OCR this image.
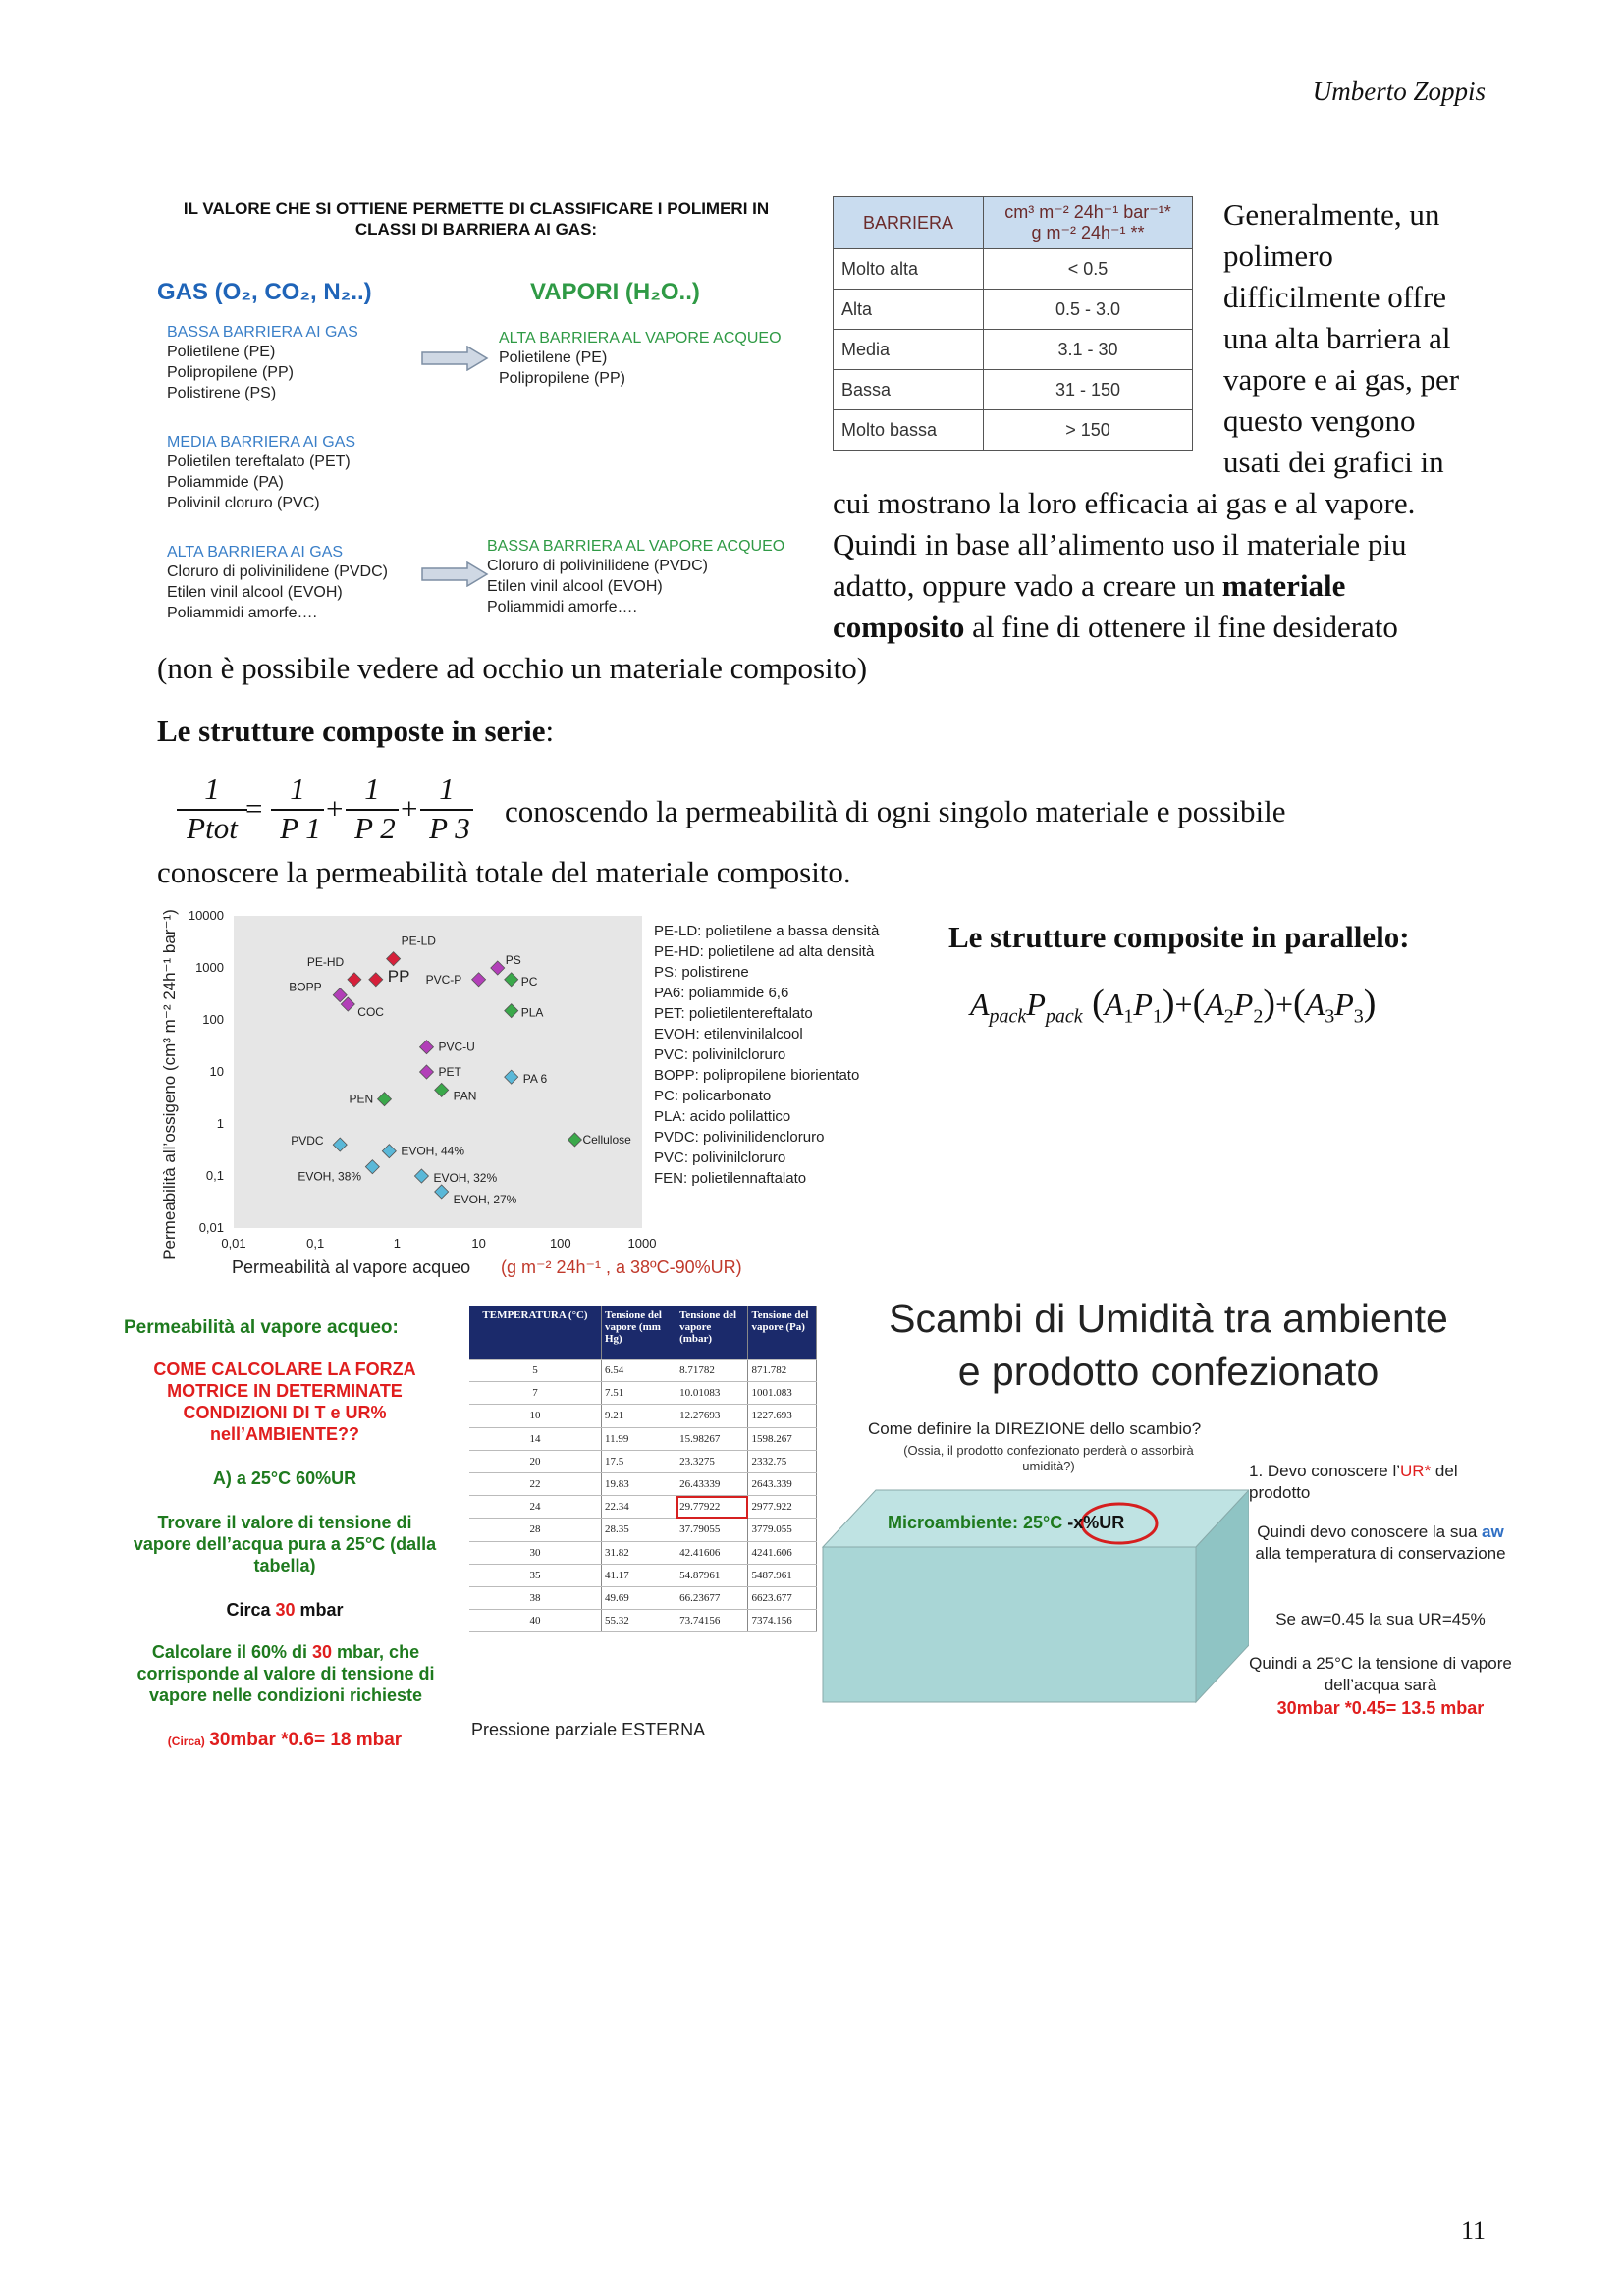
Umberto Zoppis
IL VALORE CHE SI OTTIENE PERMETTE DI CLASSIFICARE I POLIMERI IN CLASSI DI BARRIERA AI GAS:
GAS (O₂, CO₂, N₂..)	VAPORI (H₂O..)
BASSA BARRIERA AI GAS
Polietilene (PE)
Polipropilene (PP)
Polistirene (PS)
MEDIA BARRIERA AI GAS
Polietilen tereftalato (PET)
Poliammide (PA)
Polivinil cloruro (PVC)
ALTA BARRIERA AI GAS
Cloruro di polivinilidene (PVDC)
Etilen vinil alcool (EVOH)
Poliammidi amorfe….
ALTA BARRIERA AL VAPORE ACQUEO
Polietilene (PE)
Polipropilene (PP)
BASSA BARRIERA AL VAPORE ACQUEO
Cloruro di polivinilidene (PVDC)
Etilen vinil alcool (EVOH)
Poliammidi amorfe….
BARRIERA	cm³ m⁻² 24h⁻¹ bar⁻¹*
g m⁻² 24h⁻¹ **

Molto alta	< 0.5
Alta	0.5 - 3.0
Media	3.1 - 30
Bassa	31 - 150
Molto bassa	> 150
Generalmente, un
polimero
difficilmente offre
una alta barriera al
vapore e ai gas, per
questo vengono
usati dei grafici in
cui mostrano la loro efficacia ai gas e al vapore.
Quindi in base all’alimento uso il materiale piu
adatto, oppure vado a creare un materiale
composito al fine di ottenere il fine desiderato
(non è possibile vedere ad occhio un materiale composito)
Le strutture composte in serie:
1
Ptot
=
1
P 1
+
1
P 2
+
1
P 3 conoscendo la permeabilità di ogni singolo materiale e possibile
conoscere la permeabilità totale del materiale composito.
Le strutture composite in parallelo:
$A_{pack}P_{pack}$ $(A_1P_1)+(A_2P_2)+(A_3P_3)$
0,01	0,1	1	10	100	1000
10000
1000
100
10
1
0,1
0,01
PE-LD
PE-HD
PP
BOPP
COC
PVC-P
PS
PC
PLA
PVC-U
PET
PAN
PA 6
PEN
Cellulose
PVDC
EVOH, 44%
EVOH, 38%	EVOH, 32%
EVOH, 27%
Permeabilità all’ossigeno (cm³ m⁻² 24h⁻¹ bar⁻¹)
Permeabilità al vapore acqueo (g m⁻² 24h⁻¹ , a 38ºC-90%UR)
PE-LD: polietilene a bassa densità
PE-HD: polietilene ad alta densità
PS: polistirene
PA6: poliammide 6,6
PET: polietilentereftalato
EVOH: etilenvinilalcool
PVC: polivinilcloruro
BOPP: polipropilene biorientato
PC: policarbonato
PLA: acido polilattico
PVDC: polivinilidencloruro
PVC: polivinilcloruro
FEN: polietilennaftalato
Permeabilità al vapore acqueo:
COME CALCOLARE LA FORZA MOTRICE IN DETERMINATE CONDIZIONI DI T e UR% nell’AMBIENTE??
A) a 25°C 60%UR
Trovare il valore di tensione di vapore dell’acqua pura a 25°C (dalla tabella)
Circa 30 mbar
Calcolare il 60% di 30 mbar, che corrisponde al valore di tensione di vapore nelle condizioni richieste
(Circa) 30mbar *0.6= 18 mbar
TEMPERATURA (°C)	Tensione del vapore (mm Hg)	Tensione del vapore (mbar)	Tensione del vapore (Pa)
5	6.54	8.71782	871.782
7	7.51	10.01083	1001.083
10	9.21	12.27693	1227.693
14	11.99	15.98267	1598.267
20	17.5	23.3275	2332.75
22	19.83	26.43339	2643.339
24	22.34	29.77922	2977.922
28	28.35	37.79055	3779.055
30	31.82	42.41606	4241.606
35	41.17	54.87961	5487.961
38	49.69	66.23677	6623.677
40	55.32	73.74156	7374.156
Pressione parziale ESTERNA
Scambi di Umidità tra ambiente
e prodotto confezionato
Come definire la DIREZIONE dello scambio?
(Ossia, il prodotto confezionato perderà o assorbirà umidità?)
Microambiente: 25°C -x%UR
1. Devo conoscere l’UR* del prodotto
Quindi devo conoscere la sua aw alla temperatura di conservazione
Se aw=0.45 la sua UR=45%
Quindi a 25°C la tensione di vapore dell’acqua sarà
30mbar *0.45= 13.5 mbar
11
